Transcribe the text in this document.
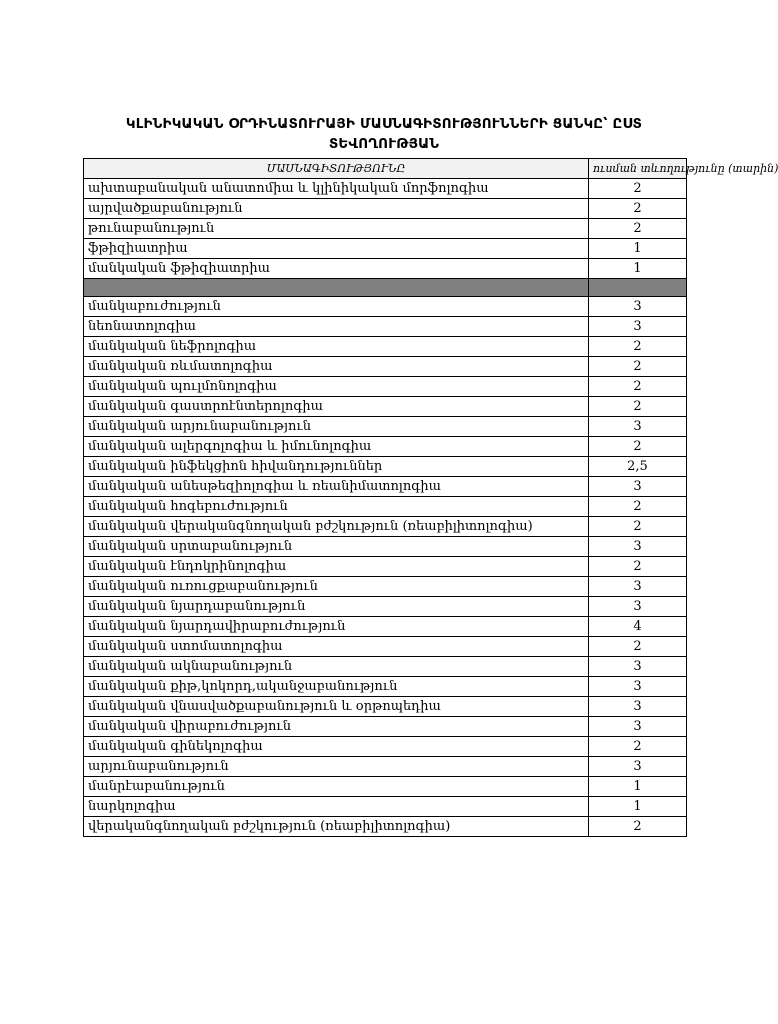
ԿԼԻՆԻԿԱԿԱՆ ՕՐԴԻՆԱՏՈՒՐԱՅԻ ՄԱՍՆԱԳԻՏՈՒԹՅՈՒՆՆԵՐԻ ՑԱՆԿԸ՝ ԸՍՏ
ՏԵՎՈՂՈՒԹՅԱՆ
ՄԱՍՆԱԳԻՏՈՒԹՅՈՒՆԸ	ուսման տևողությունը (տարին)
ախտաբանական անատոմիա և կլինիկական մորֆոլոգիա	2
այրվածքաբանություն	2
թունաբանություն	2
ֆթիզիատրիա	1
մանկական ֆթիզիատրիա	1

մանկաբուժություն	3
նեոնատոլոգիա	3
մանկական նեֆրոլոգիա	2
մանկական ռևմատոլոգիա	2
մանկական պուլմոնոլոգիա	2
մանկական գաստրոէնտերոլոգիա	2
մանկական արյունաբանություն	3
մանկական ալերգոլոգիա և իմունոլոգիա	2
մանկական ինֆեկցիոն հիվանդություններ	2,5
մանկական անեսթեզիոլոգիա և ռեանիմատոլոգիա	3
մանկական հոգեբուժություն	2
մանկական վերականգնողական բժշկություն (ռեաբիլիտոլոգիա)	2
մանկական սրտաբանություն	3
մանկական էնդոկրինոլոգիա	2
մանկական ուռուցքաբանություն	3
մանկական նյարդաբանություն	3
մանկական նյարդավիրաբուժություն	4
մանկական ստոմատոլոգիա	2
մանկական ակնաբանություն	3
մանկական քիթ,կոկորդ,ականջաբանություն	3
մանկական վնասվածքաբանություն և օրթոպեդիա	3
մանկական վիրաբուժություն	3
մանկական գինեկոլոգիա	2
արյունաբանություն	3
մանրէաբանություն	1
նարկոլոգիա	1
վերականգնողական բժշկություն (ռեաբիլիտոլոգիա)	2
